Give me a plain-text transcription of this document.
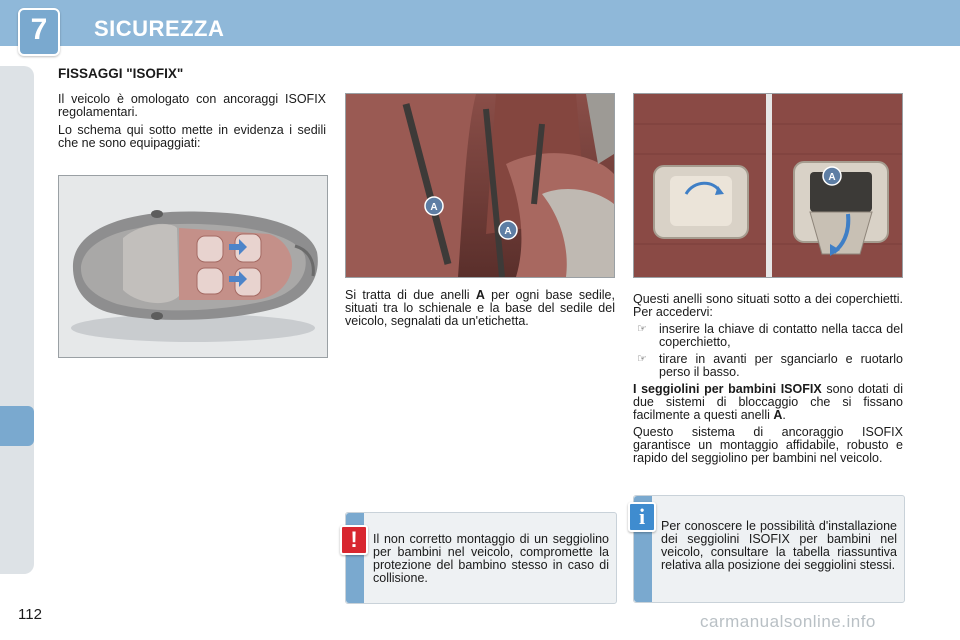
7	SICUREZZA
FISSAGGI "ISOFIX"

Il veicolo è omologato con ancoraggi ISOFIX regolamentari.

Lo schema qui sotto mette in evidenza i sedili che ne sono equipaggiati:

A
A
A

Si tratta di due anelli A per ogni base sedile, situati tra lo schienale e la base del sedile del veicolo, segnalati da un'etichetta.

Questi anelli sono situati sotto a dei coperchietti. Per accedervi:

☞ inserire la chiave di contatto nella tacca del coperchietto,

☞ tirare in avanti per sganciarlo e ruotarlo perso il basso.

I seggiolini per bambini ISOFIX sono dotati di due sistemi di bloccaggio che si fissano facilmente a questi anelli A.

Questo sistema di ancoraggio ISOFIX garantisce un montaggio affidabile, robusto e rapido del seggiolino per bambini nel veicolo.

!	Il non corretto montaggio di un seggiolino per bambini nel veicolo, compromette la protezione del bambino stesso in caso di collisione.

i	Per conoscere le possibilità d'installazione dei seggiolini ISOFIX per bambini nel veicolo, consultare la tabella riassuntiva relativa alla posizione dei seggiolini stessi.

112	carmanualsonline.info
